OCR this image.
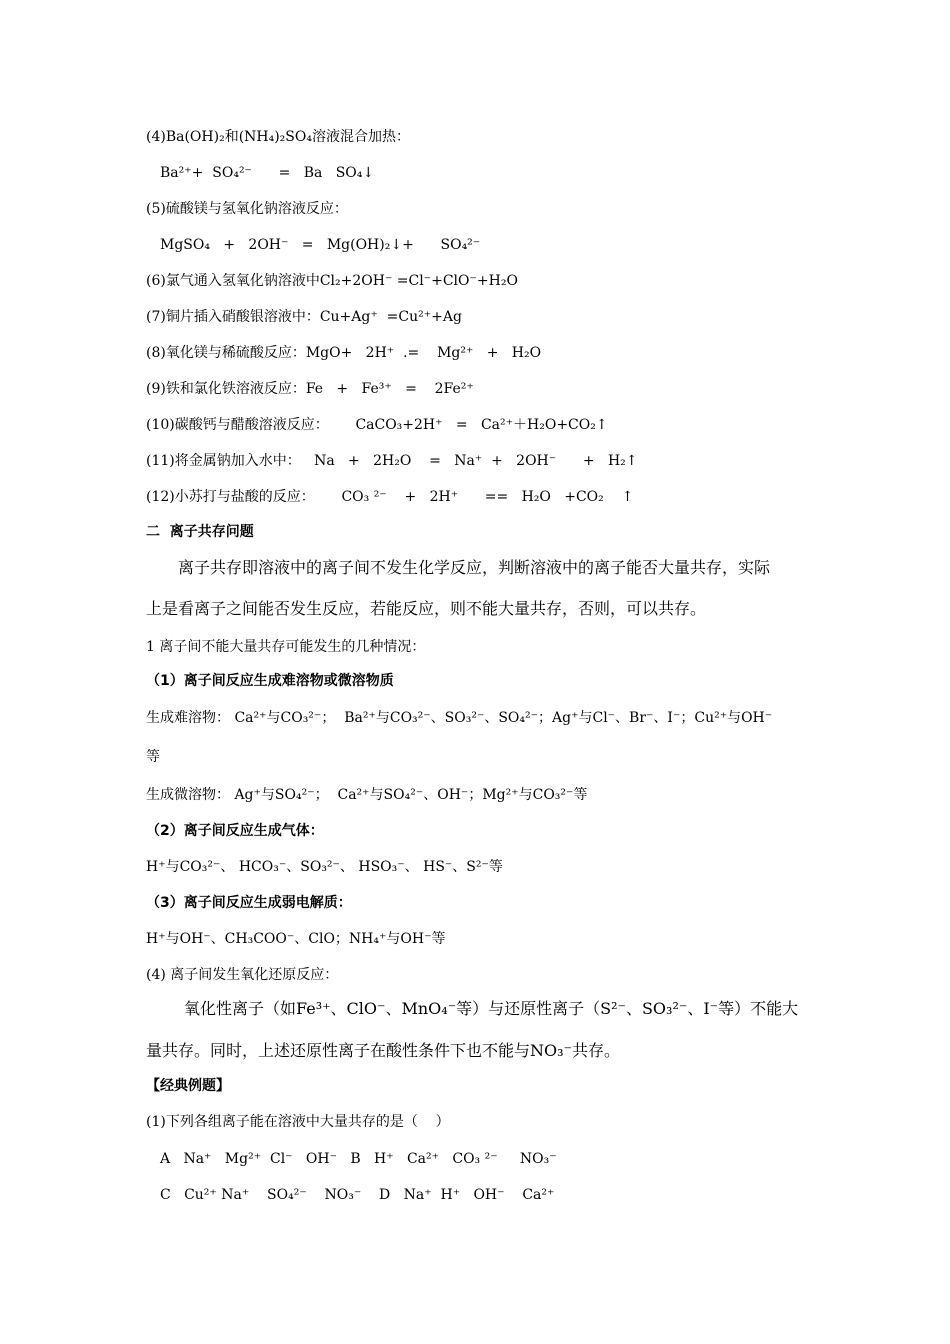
(4)Ba(OH)₂和(NH₄)₂SO₄溶液混合加热：
Ba²⁺+  SO₄²⁻      =   Ba   SO₄↓
(5)硫酸镁与氢氧化钠溶液反应：
MgSO₄   +   2OH⁻   =   Mg(OH)₂↓+      SO₄²⁻
(6)氯气通入氢氧化钠溶液中Cl₂+2OH⁻ =Cl⁻+ClO⁻+H₂O
(7)铜片插入硝酸银溶液中：Cu+Ag⁺  =Cu²⁺+Ag
(8)氧化镁与稀硫酸反应：MgO+   2H⁺  .=    Mg²⁺   +   H₂O
(9)铁和氯化铁溶液反应：Fe   +   Fe³⁺   =    2Fe²⁺
(10)碳酸钙与醋酸溶液反应：      CaCO₃+2H⁺   =   Ca²⁺＋H₂O+CO₂↑
(11)将金属钠加入水中：   Na   +   2H₂O    =   Na⁺  +   2OH⁻      +   H₂↑
(12)小苏打与盐酸的反应：      CO₃ ²⁻    +   2H⁺      ==   H₂O   +CO₂    ↑
二  离子共存问题
离子共存即溶液中的离子间不发生化学反应，判断溶液中的离子能否大量共存，实际
上是看离子之间能否发生反应，若能反应，则不能大量共存，否则，可以共存。
1 离子间不能大量共存可能发生的几种情况：
（1）离子间反应生成难溶物或微溶物质
生成难溶物： Ca²⁺与CO₃²⁻；  Ba²⁺与CO₃²⁻、SO₃²⁻、SO₄²⁻；Ag⁺与Cl⁻、Br⁻、I⁻；Cu²⁺与OH⁻
等
生成微溶物： Ag⁺与SO₄²⁻；  Ca²⁺与SO₄²⁻、OH⁻；Mg²⁺与CO₃²⁻等
（2）离子间反应生成气体：
H⁺与CO₃²⁻、 HCO₃⁻、SO₃²⁻、 HSO₃⁻、 HS⁻、S²⁻等
（3）离子间反应生成弱电解质：
H⁺与OH⁻、CH₃COO⁻、ClO；NH₄⁺与OH⁻等
(4) 离子间发生氧化还原反应：
氧化性离子（如Fe³⁺、ClO⁻、MnO₄⁻等）与还原性离子（S²⁻、SO₃²⁻、I⁻等）不能大
量共存。同时，上述还原性离子在酸性条件下也不能与NO₃⁻共存。
【经典例题】
(1)下列各组离子能在溶液中大量共存的是（    ）
A   Na⁺   Mg²⁺  Cl⁻   OH⁻   B   H⁺   Ca²⁺   CO₃ ²⁻     NO₃⁻
C   Cu²⁺ Na⁺    SO₄²⁻    NO₃⁻    D   Na⁺  H⁺   OH⁻    Ca²⁺
